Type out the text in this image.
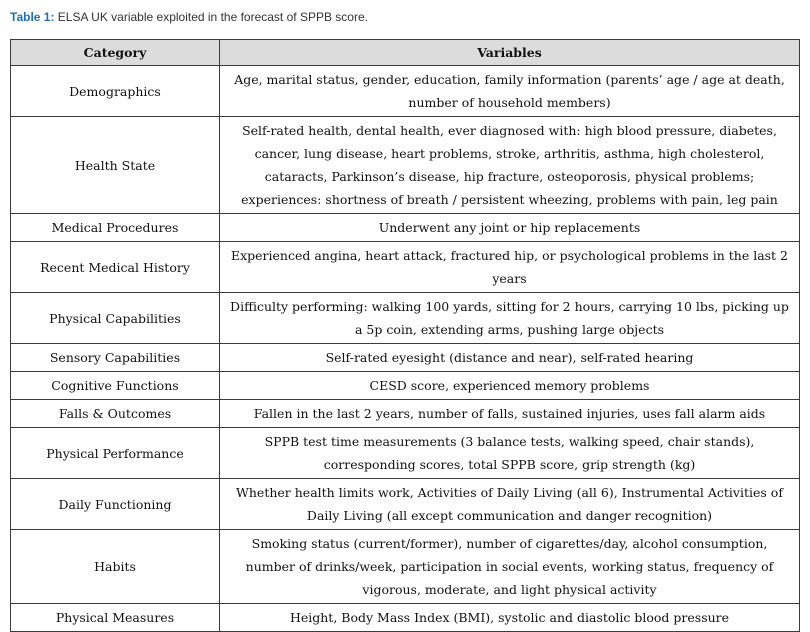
Table 1: ELSA UK variable exploited in the forecast of SPPB score.
Category	Variables
Demographics	Age, marital status, gender, education, family information (parents’ age / age at death, number of household members)
Health State	Self-rated health, dental health, ever diagnosed with: high blood pressure, diabetes, cancer, lung disease, heart problems, stroke, arthritis, asthma, high cholesterol, cataracts, Parkinson’s disease, hip fracture, osteoporosis, physical problems; experiences: shortness of breath / persistent wheezing, problems with pain, leg pain
Medical Procedures	Underwent any joint or hip replacements
Recent Medical History	Experienced angina, heart attack, fractured hip, or psychological problems in the last 2 years
Physical Capabilities	Difficulty performing: walking 100 yards, sitting for 2 hours, carrying 10 lbs, picking up a 5p coin, extending arms, pushing large objects
Sensory Capabilities	Self-rated eyesight (distance and near), self-rated hearing
Cognitive Functions	CESD score, experienced memory problems
Falls & Outcomes	Fallen in the last 2 years, number of falls, sustained injuries, uses fall alarm aids
Physical Performance	SPPB test time measurements (3 balance tests, walking speed, chair stands), corresponding scores, total SPPB score, grip strength (kg)
Daily Functioning	Whether health limits work, Activities of Daily Living (all 6), Instrumental Activities of Daily Living (all except communication and danger recognition)
Habits	Smoking status (current/former), number of cigarettes/day, alcohol consumption, number of drinks/week, participation in social events, working status, frequency of vigorous, moderate, and light physical activity
Physical Measures	Height, Body Mass Index (BMI), systolic and diastolic blood pressure
